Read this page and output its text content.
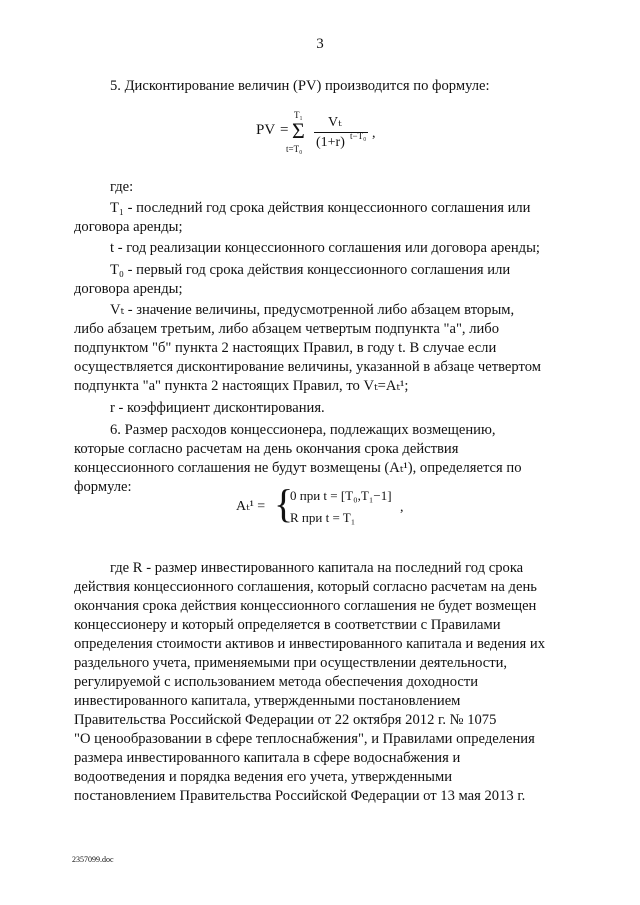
3
5. Дисконтирование величин (PV) производится по формуле:
PV = Σ
T₁
t=T₀
Vₜ
(1+r) t−T₀ ,
где:
T₁ - последний год срока действия концессионного соглашения или
договора аренды;
t - год реализации концессионного соглашения или договора аренды;
T₀ - первый год срока действия концессионного соглашения или
договора аренды;
Vₜ - значение величины, предусмотренной либо абзацем вторым,
либо абзацем третьим, либо абзацем четвертым подпункта "а", либо
подпунктом "б" пункта 2 настоящих Правил, в году t. В случае если
осуществляется дисконтирование величины, указанной в абзаце четвертом
подпункта "а" пункта 2 настоящих Правил, то Vₜ=Aₜ¹;
r - коэффициент дисконтирования.
6. Размер расходов концессионера, подлежащих возмещению,
которые согласно расчетам на день окончания срока действия
концессионного соглашения не будут возмещены (Aₜ¹), определяется по
формуле:
Aₜ¹ = {
0 при t = [T₀,T₁−1]
R при t = T₁
,
где R - размер инвестированного капитала на последний год срока
действия концессионного соглашения, который согласно расчетам на день
окончания срока действия концессионного соглашения не будет возмещен
концессионеру и который определяется в соответствии с Правилами
определения стоимости активов и инвестированного капитала и ведения их
раздельного учета, применяемыми при осуществлении деятельности,
регулируемой с использованием метода обеспечения доходности
инвестированного капитала, утвержденными постановлением
Правительства Российской Федерации от 22 октября 2012 г. № 1075
"О ценообразовании в сфере теплоснабжения", и Правилами определения
размера инвестированного капитала в сфере водоснабжения и
водоотведения и порядка ведения его учета, утвержденными
постановлением Правительства Российской Федерации от 13 мая 2013 г.
2357099.doc
